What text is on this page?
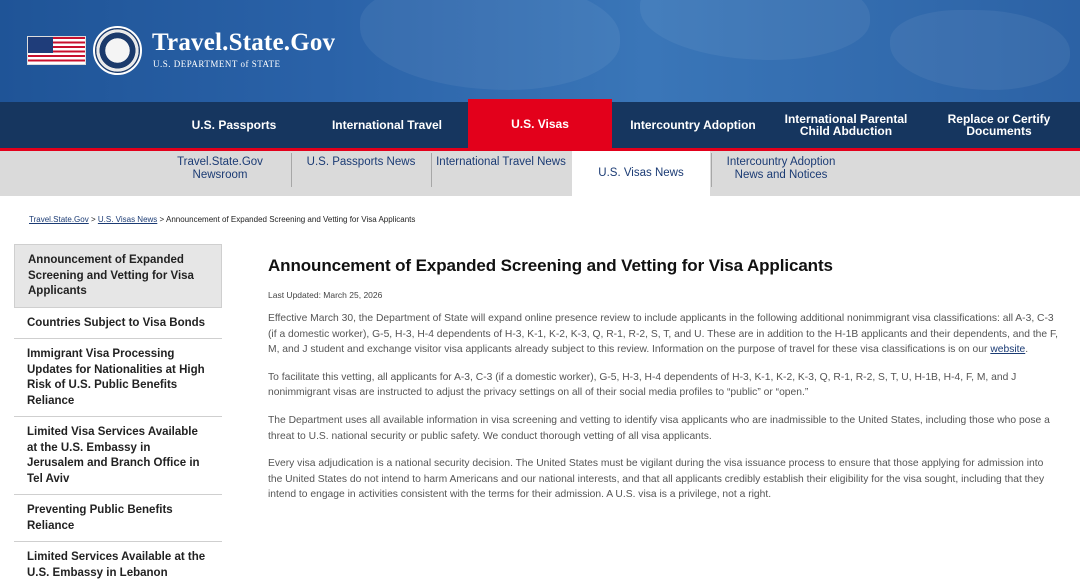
Travel.State.Gov
U.S. DEPARTMENT of STATE
U.S. Passports	International Travel	U.S. Visas	Intercountry Adoption	International Parental Child Abduction
Replace or Certify Documents
Travel.State.Gov Newsroom
U.S. Passports News	International Travel News
U.S. Visas News
Intercountry Adoption News and Notices
Travel.State.Gov > U.S. Visas News > Announcement of Expanded Screening and Vetting for Visa Applicants
Announcement of Expanded Screening and Vetting for Visa Applicants
Countries Subject to Visa Bonds
Immigrant Visa Processing Updates for Nationalities at High Risk of U.S. Public Benefits Reliance
Limited Visa Services Available at the U.S. Embassy in Jerusalem and Branch Office in Tel Aviv
Preventing Public Benefits Reliance
Limited Services Available at the U.S. Embassy in Lebanon
Announcement of Expanded Screening and Vetting for Visa Applicants
Last Updated: March 25, 2026

Effective March 30, the Department of State will expand online presence review to include applicants in the following additional nonimmigrant visa classifications: all A-3, C-3 (if a domestic worker), G-5, H-3, H-4 dependents of H-3, K-1, K-2, K-3, Q, R-1, R-2, S, T, and U. These are in addition to the H-1B applicants and their dependents, and the F, M, and J student and exchange visitor visa applicants already subject to this review. Information on the purpose of travel for these visa classifications is on our website.

To facilitate this vetting, all applicants for A-3, C-3 (if a domestic worker), G-5, H-3, H-4 dependents of H-3, K-1, K-2, K-3, Q, R-1, R-2, S, T, U, H-1B, H-4, F, M, and J nonimmigrant visas are instructed to adjust the privacy settings on all of their social media profiles to “public” or “open.”

The Department uses all available information in visa screening and vetting to identify visa applicants who are inadmissible to the United States, including those who pose a threat to U.S. national security or public safety. We conduct thorough vetting of all visa applicants.

Every visa adjudication is a national security decision. The United States must be vigilant during the visa issuance process to ensure that those applying for admission into the United States do not intend to harm Americans and our national interests, and that all applicants credibly establish their eligibility for the visa sought, including that they intend to engage in activities consistent with the terms for their admission. A U.S. visa is a privilege, not a right.
